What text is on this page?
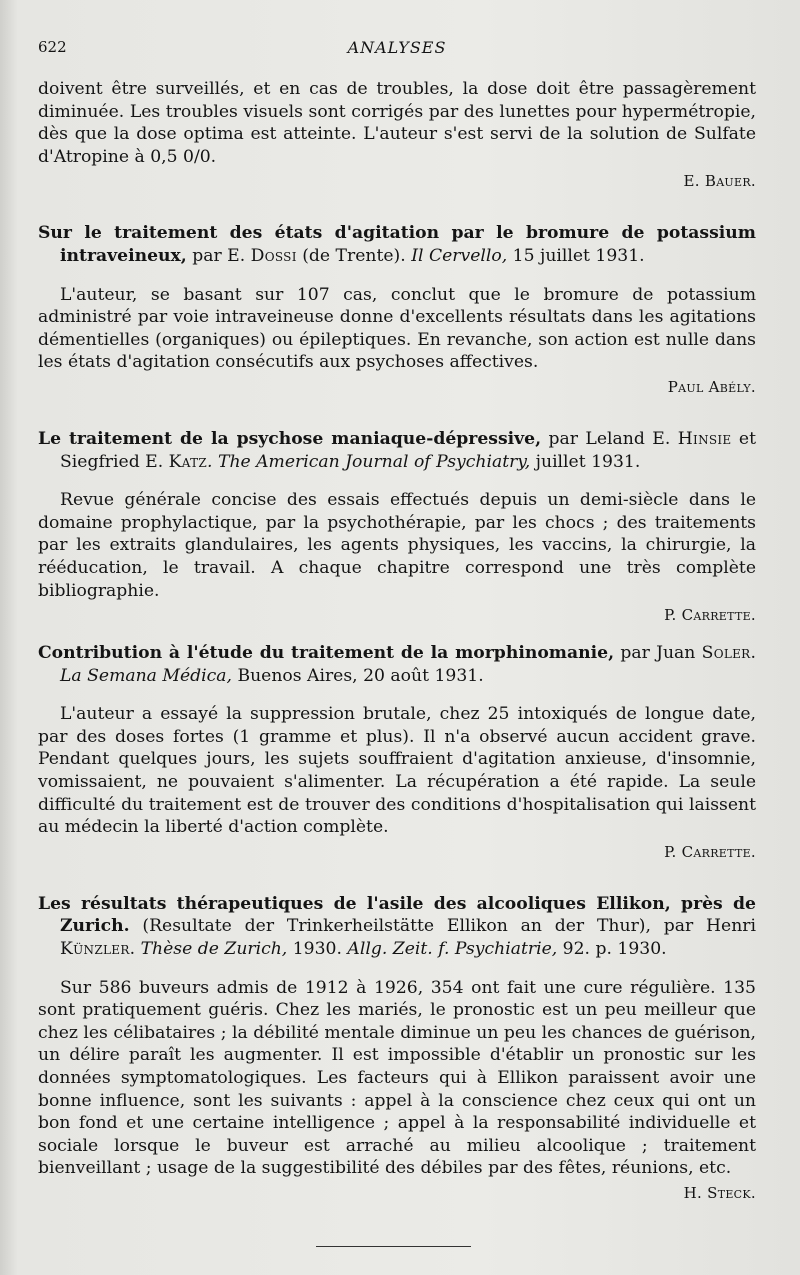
622	ANALYSES

doivent être surveillés, et en cas de troubles, la dose doit être passagèrement diminuée. Les troubles visuels sont corrigés par des lunettes pour hypermétropie, dès que la dose optima est atteinte. L'auteur s'est servi de la solution de Sulfate d'Atropine à 0,5 0/0.

E. Bauer.

Sur le traitement des états d'agitation par le bromure de potassium intraveineux, par E. Dossi (de Trente). Il Cervello, 15 juillet 1931.

L'auteur, se basant sur 107 cas, conclut que le bromure de potassium administré par voie intraveineuse donne d'excellents résultats dans les agitations démentielles (organiques) ou épileptiques. En revanche, son action est nulle dans les états d'agitation consécutifs aux psychoses affectives.

Paul Abély.

Le traitement de la psychose maniaque-dépressive, par Leland E. Hinsie et Siegfried E. Katz. The American Journal of Psychiatry, juillet 1931.

Revue générale concise des essais effectués depuis un demi-siècle dans le domaine prophylactique, par la psychothérapie, par les chocs ; des traitements par les extraits glandulaires, les agents physiques, les vaccins, la chirurgie, la rééducation, le travail. A chaque chapitre correspond une très complète bibliographie.

P. Carrette.

Contribution à l'étude du traitement de la morphinomanie, par Juan Soler. La Semana Médica, Buenos Aires, 20 août 1931.

L'auteur a essayé la suppression brutale, chez 25 intoxiqués de longue date, par des doses fortes (1 gramme et plus). Il n'a observé aucun accident grave. Pendant quelques jours, les sujets souffraient d'agitation anxieuse, d'insomnie, vomissaient, ne pouvaient s'alimenter. La récupération a été rapide. La seule difficulté du traitement est de trouver des conditions d'hospitalisation qui laissent au médecin la liberté d'action complète.

P. Carrette.

Les résultats thérapeutiques de l'asile des alcooliques Ellikon, près de Zurich. (Resultate der Trinkerheilstätte Ellikon an der Thur), par Henri Künzler. Thèse de Zurich, 1930. Allg. Zeit. f. Psychiatrie, 92. p. 1930.

Sur 586 buveurs admis de 1912 à 1926, 354 ont fait une cure régulière. 135 sont pratiquement guéris. Chez les mariés, le pronostic est un peu meilleur que chez les célibataires ; la débilité mentale diminue un peu les chances de guérison, un délire paraît les augmenter. Il est impossible d'établir un pronostic sur les données symptomatologiques. Les facteurs qui à Ellikon paraissent avoir une bonne influence, sont les suivants : appel à la conscience chez ceux qui ont un bon fond et une certaine intelligence ; appel à la responsabilité individuelle et sociale lorsque le buveur est arraché au milieu alcoolique ; traitement bienveillant ; usage de la suggestibilité des débiles par des fêtes, réunions, etc.

H. Steck.
